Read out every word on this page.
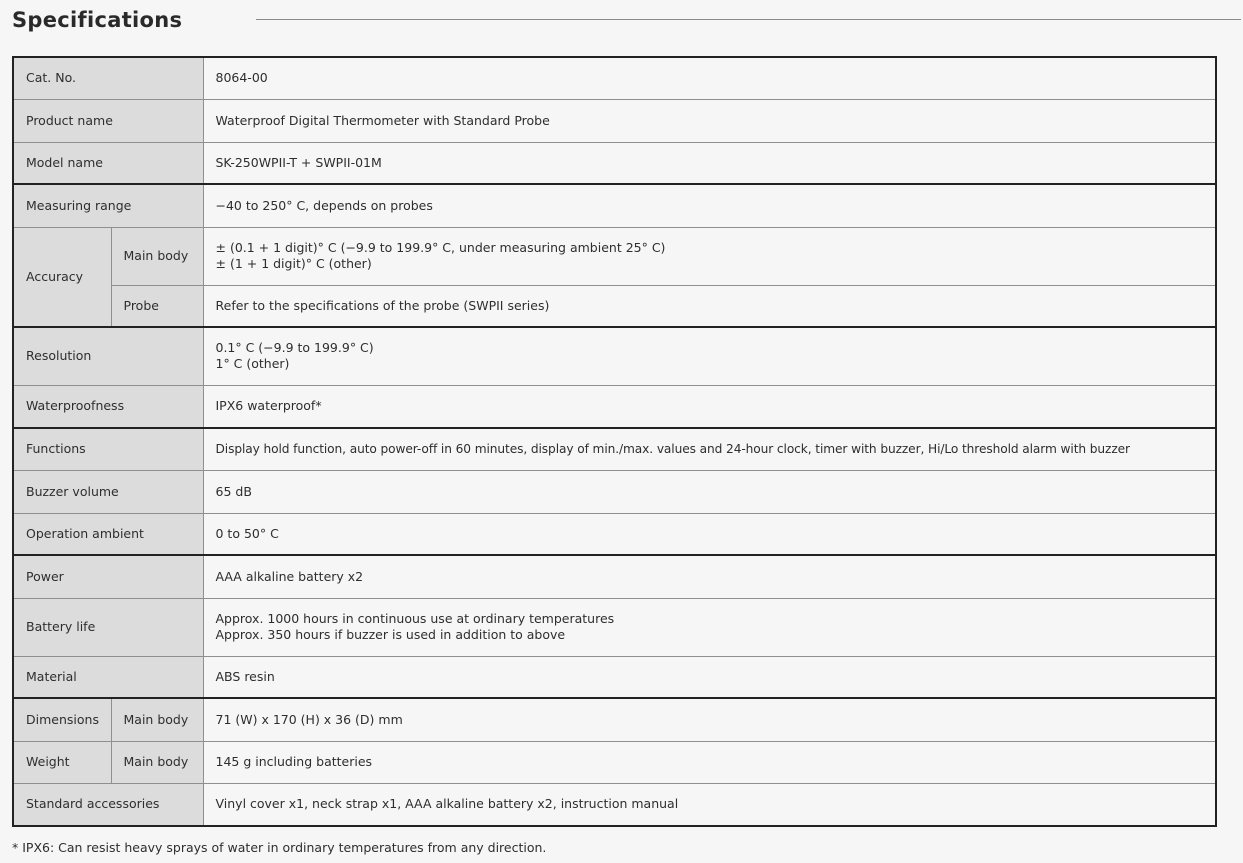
Specifications
Cat. No.		8064-00
Product name		Waterproof Digital Thermometer with Standard Probe
Model name		SK-250WPII-T + SWPII-01M
Measuring range		−40 to 250° C, depends on probes
Accuracy	Main body	± (0.1 + 1 digit)° C (−9.9 to 199.9° C, under measuring ambient 25° C)
± (1 + 1 digit)° C (other)

	Probe	Refer to the specifications of the probe (SWPII series)
Resolution		0.1° C (−9.9 to 199.9° C)
1° C (other)

Waterproofness		IPX6 waterproof*
Functions		Display hold function, auto power-off in 60 minutes, display of min./max. values and 24-hour clock, timer with buzzer, Hi/Lo threshold alarm with buzzer
Buzzer volume		65 dB
Operation ambient		0 to 50° C
Power		AAA alkaline battery x2
Battery life		Approx. 1000 hours in continuous use at ordinary temperatures
Approx. 350 hours if buzzer is used in addition to above

Material		ABS resin
Dimensions	Main body	71 (W) x 170 (H) x 36 (D) mm
Weight	Main body	145 g including batteries
Standard accessories		Vinyl cover x1, neck strap x1, AAA alkaline battery x2, instruction manual
* IPX6: Can resist heavy sprays of water in ordinary temperatures from any direction.
